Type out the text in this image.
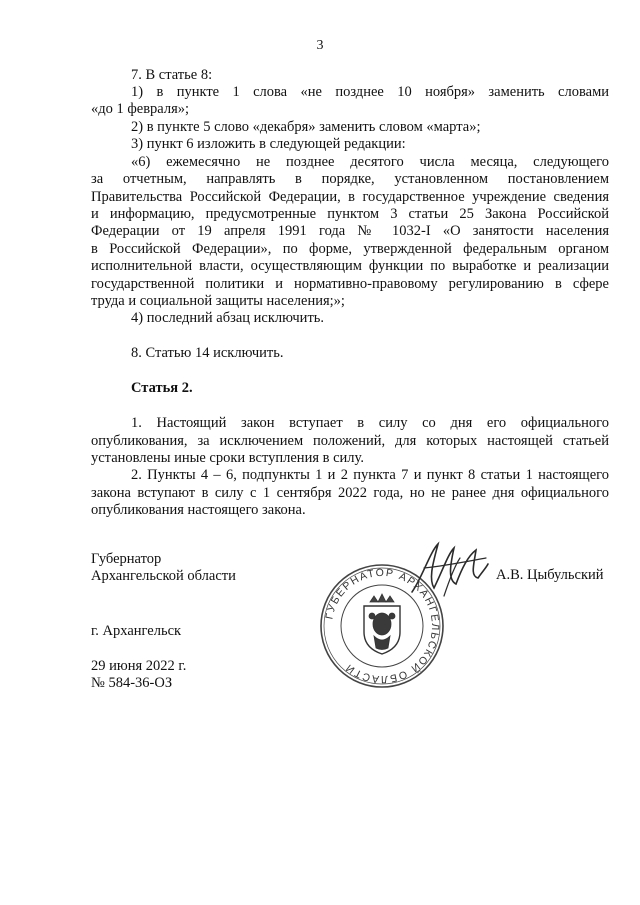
3
7. В статье 8:
1) в пункте 1 слова «не позднее 10 ноября» заменить словами
«до 1 февраля»;
2) в пункте 5 слово «декабря» заменить словом «марта»;
3) пункт 6 изложить в следующей редакции:
«6) ежемесячно не позднее десятого числа месяца, следующего
за отчетным, направлять в порядке, установленном постановлением
Правительства Российской Федерации, в государственное учреждение сведения
и информацию, предусмотренные пунктом 3 статьи 25 Закона Российской
Федерации от 19 апреля 1991 года № 1032-I «О занятости населения
в Российской Федерации», по форме, утвержденной федеральным органом
исполнительной власти, осуществляющим функции по выработке и реализации
государственной политики и нормативно-правовому регулированию в сфере
труда и социальной защиты населения;»;
4) последний абзац исключить.
8. Статью 14 исключить.
Статья 2.
1. Настоящий закон вступает в силу со дня его официального
опубликования, за исключением положений, для которых настоящей статьей
установлены иные сроки вступления в силу.
2. Пункты 4 – 6, подпункты 1 и 2 пункта 7 и пункт 8 статьи 1 настоящего
закона вступают в силу с 1 сентября 2022 года, но не ранее дня официального
опубликования настоящего закона.
Губернатор
Архангельской области
г. Архангельск
29 июня 2022 г.
№ 584-36-ОЗ
А.В. Цыбульский
ГУБЕРНАТОР АРХАНГЕЛЬСКОЙ ОБЛАСТИ
